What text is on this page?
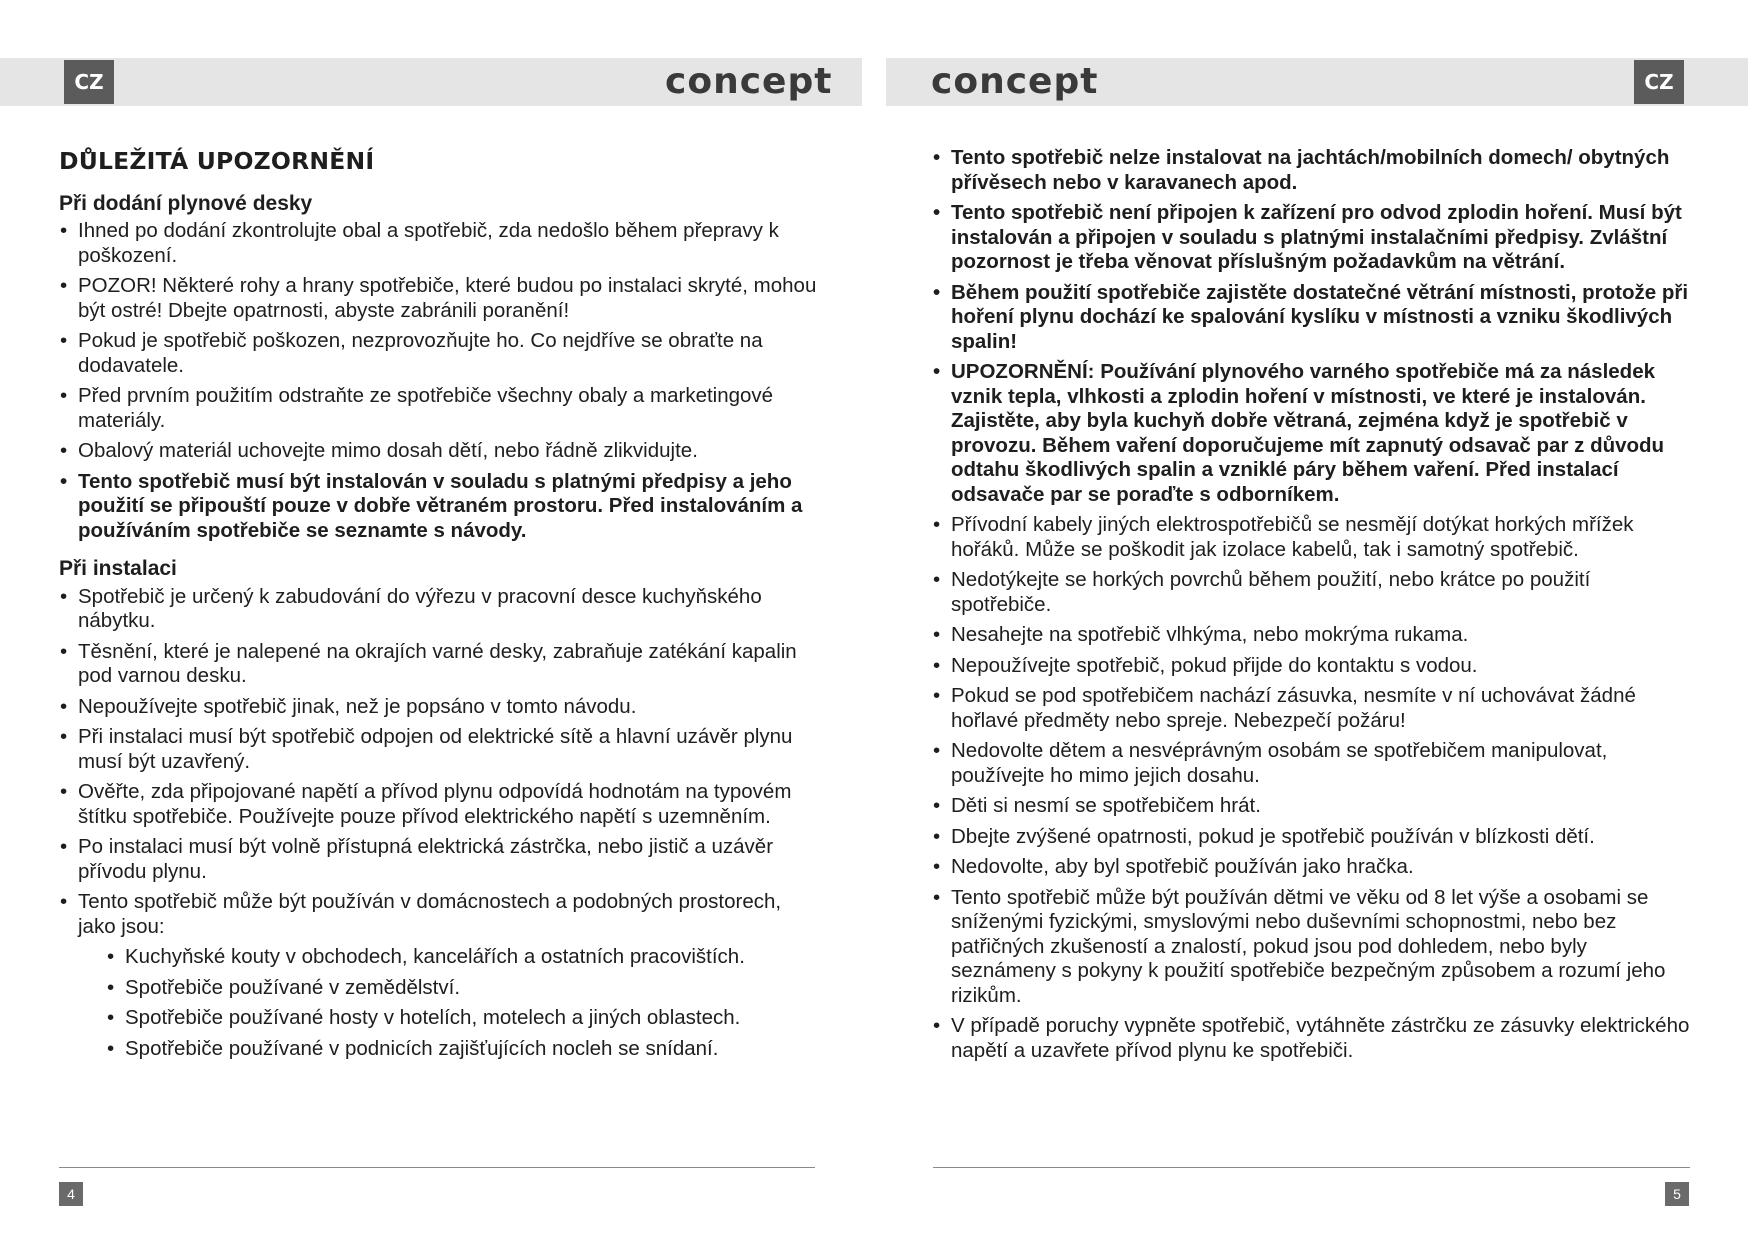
CZ	CZ
concept	concept
DŮLEŽITÁ UPOZORNĚNÍ
Při dodání plynové desky
• Ihned po dodání zkontrolujte obal a spotřebič, zda nedošlo během přepravy k poškození.
• POZOR! Některé rohy a hrany spotřebiče, které budou po instalaci skryté, mohou být ostré! Dbejte opatrnosti, abyste zabránili poranění!
• Pokud je spotřebič poškozen, nezprovozňujte ho. Co nejdříve se obraťte na dodavatele.
• Před prvním použitím odstraňte ze spotřebiče všechny obaly a marketingové materiály.
• Obalový materiál uchovejte mimo dosah dětí, nebo řádně zlikvidujte.
• Tento spotřebič musí být instalován v souladu s platnými předpisy a jeho použití se připouští pouze v dobře větraném prostoru. Před instalováním a používáním spotřebiče se seznamte s návody.
Při instalaci
• Spotřebič je určený k zabudování do výřezu v pracovní desce kuchyňského nábytku.
• Těsnění, které je nalepené na okrajích varné desky, zabraňuje zatékání kapalin pod varnou desku.
• Nepoužívejte spotřebič jinak, než je popsáno v tomto návodu.
• Při instalaci musí být spotřebič odpojen od elektrické sítě a hlavní uzávěr plynu musí být uzavřený.
• Ověřte, zda připojované napětí a přívod plynu odpovídá hodnotám na typovém štítku spotřebiče. Používejte pouze přívod elektrického napětí s uzemněním.
• Po instalaci musí být volně přístupná elektrická zástrčka, nebo jistič a uzávěr přívodu plynu.
• Tento spotřebič může být používán v domácnostech a podobných prostorech, jako jsou:
• Kuchyňské kouty v obchodech, kancelářích a ostatních pracovištích.
• Spotřebiče používané v zemědělství.
• Spotřebiče používané hosty v hotelích, motelech a jiných oblastech.
• Spotřebiče používané v podnicích zajišťujících nocleh se snídaní.
• Tento spotřebič nelze instalovat na jachtách/mobilních domech/ obytných přívěsech nebo v karavanech apod.
• Tento spotřebič není připojen k zařízení pro odvod zplodin hoření. Musí být instalován a připojen v souladu s platnými instalačními předpisy. Zvláštní pozornost je třeba věnovat příslušným požadavkům na větrání.
• Během použití spotřebiče zajistěte dostatečné větrání místnosti, protože při hoření plynu dochází ke spalování kyslíku v místnosti a vzniku škodlivých spalin!
• UPOZORNĚNÍ: Používání plynového varného spotřebiče má za následek vznik tepla, vlhkosti a zplodin hoření v místnosti, ve které je instalován. Zajistěte, aby byla kuchyň dobře větraná, zejména když je spotřebič v provozu. Během vaření doporučujeme mít zapnutý odsavač par z důvodu odtahu škodlivých spalin a vzniklé páry během vaření. Před instalací odsavače par se poraďte s odborníkem.
• Přívodní kabely jiných elektrospotřebičů se nesmějí dotýkat horkých mřížek hořáků. Může se poškodit jak izolace kabelů, tak i samotný spotřebič.
• Nedotýkejte se horkých povrchů během použití, nebo krátce po použití spotřebiče.
• Nesahejte na spotřebič vlhkýma, nebo mokrýma rukama.
• Nepoužívejte spotřebič, pokud přijde do kontaktu s vodou.
• Pokud se pod spotřebičem nachází zásuvka, nesmíte v ní uchovávat žádné hořlavé předměty nebo spreje. Nebezpečí požáru!
• Nedovolte dětem a nesvéprávným osobám se spotřebičem manipulovat, používejte ho mimo jejich dosahu.
• Děti si nesmí se spotřebičem hrát.
• Dbejte zvýšené opatrnosti, pokud je spotřebič používán v blízkosti dětí.
• Nedovolte, aby byl spotřebič používán jako hračka.
• Tento spotřebič může být používán dětmi ve věku od 8 let výše a osobami se sníženými fyzickými, smyslovými nebo duševními schopnostmi, nebo bez patřičných zkušeností a znalostí, pokud jsou pod dohledem, nebo byly seznámeny s pokyny k použití spotřebiče bezpečným způsobem a rozumí jeho rizikům.
• V případě poruchy vypněte spotřebič, vytáhněte zástrčku ze zásuvky elektrického napětí a uzavřete přívod plynu ke spotřebiči.
4	5
